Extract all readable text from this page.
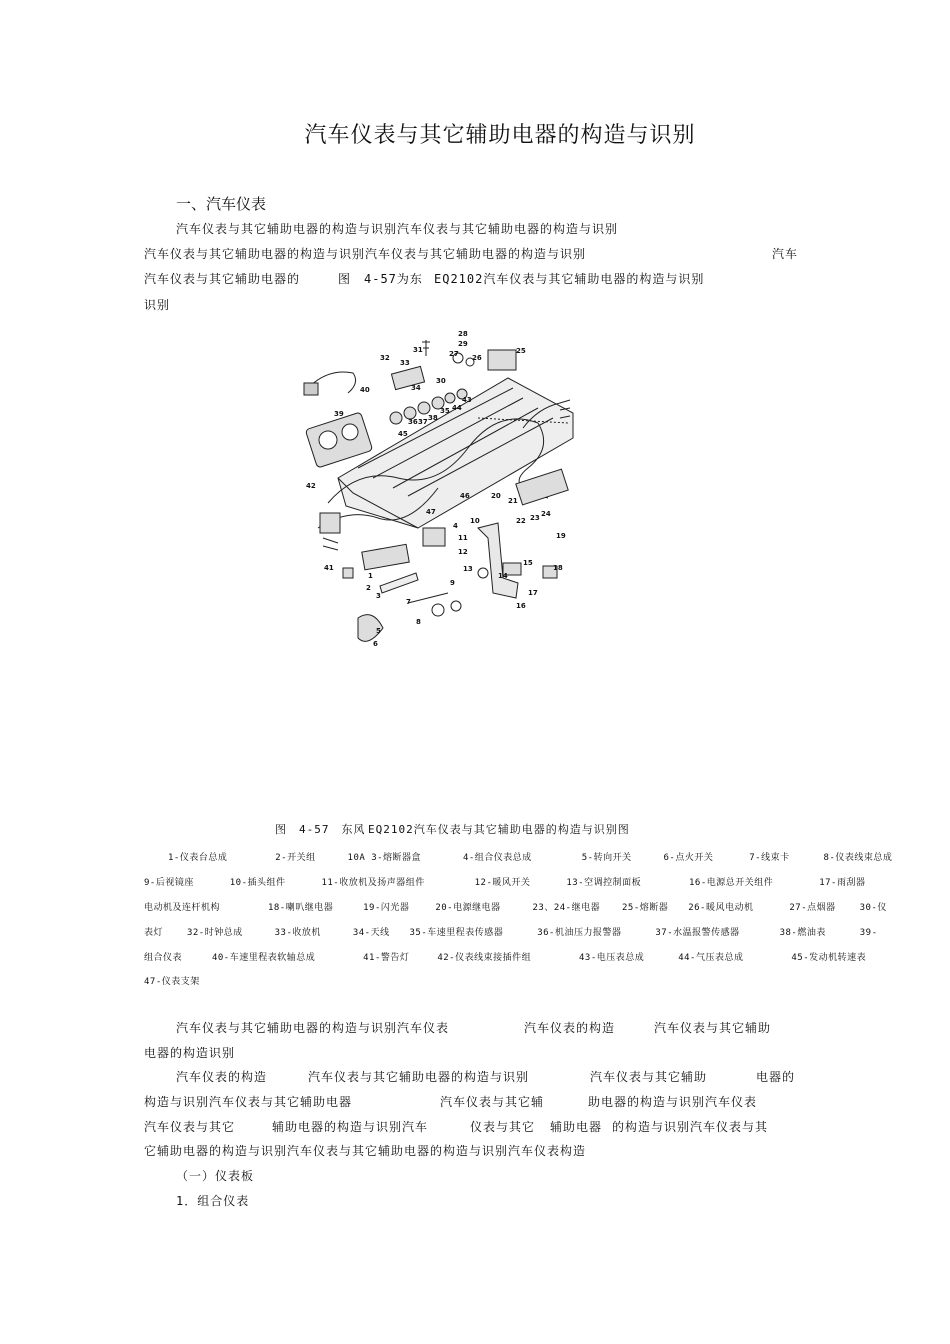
汽车仪表与其它辅助电器的构造与识别
一、汽车仪表
汽车仪表与其它辅助电器的构造与识别汽车仪表与其它辅助电器的构造与识别
汽车仪表与其它辅助电器的构造与识别汽车仪表与其它辅助电器的构造与识别	汽车
汽车仪表与其它辅助电器的	图　4-57为东 EQ2102汽车仪表与其它辅助电器的构造与识别
识别
1
2
3
4
5
6
7
8
9
10
11
12
13
14
15
16
17
18
19
20
21
22 23 24
25
26
27
28
29
30
31
32
33
34
35
36 37 38
39
40
41
42
43
44
45
46
47
图　4-57　东风 EQ2102汽车仪表与其它辅助电器的构造与识别图
1-仪表台总成	2-开关组	10A 3-熔断器盒	4-组合仪表总成	5-转向开关	6-点火开关	7-线束卡	8-仪表线束总成
9-后视镜座	10-插头组件	11-收放机及扬声器组件	12-暖风开关	13-空调控制面板	16-电源总开关组件	17-雨刮器
电动机及连杆机构	18-喇叭继电器	19-闪光器	20-电源继电器	23、24-继电器 25-熔断器 26-暖风电动机	27-点烟器	30-仪
表灯	32-时钟总成	33-收放机	34-天线 35-车速里程表传感器	36-机油压力报警器	37-水温报警传感器	38-燃油表	39-
组合仪表	40-车速里程表软轴总成	41-警告灯	42-仪表线束接插件组	43-电压表总成	44-气压表总成	45-发动机转速表
47-仪表支架
汽车仪表与其它辅助电器的构造与识别汽车仪表	汽车仪表的构造	汽车仪表与其它辅助
电器的构造识别
汽车仪表的构造	汽车仪表与其它辅助电器的构造与识别	汽车仪表与其它辅助	电器的
构造与识别汽车仪表与其它辅助电器	汽车仪表与其它辅	助电器的构造与识别汽车仪表
汽车仪表与其它	辅助电器的构造与识别汽车	仪表与其它 辅助电器 的构造与识别汽车仪表与其
它辅助电器的构造与识别汽车仪表与其它辅助电器的构造与识别汽车仪表构造
（一）仪表板
1．组合仪表
